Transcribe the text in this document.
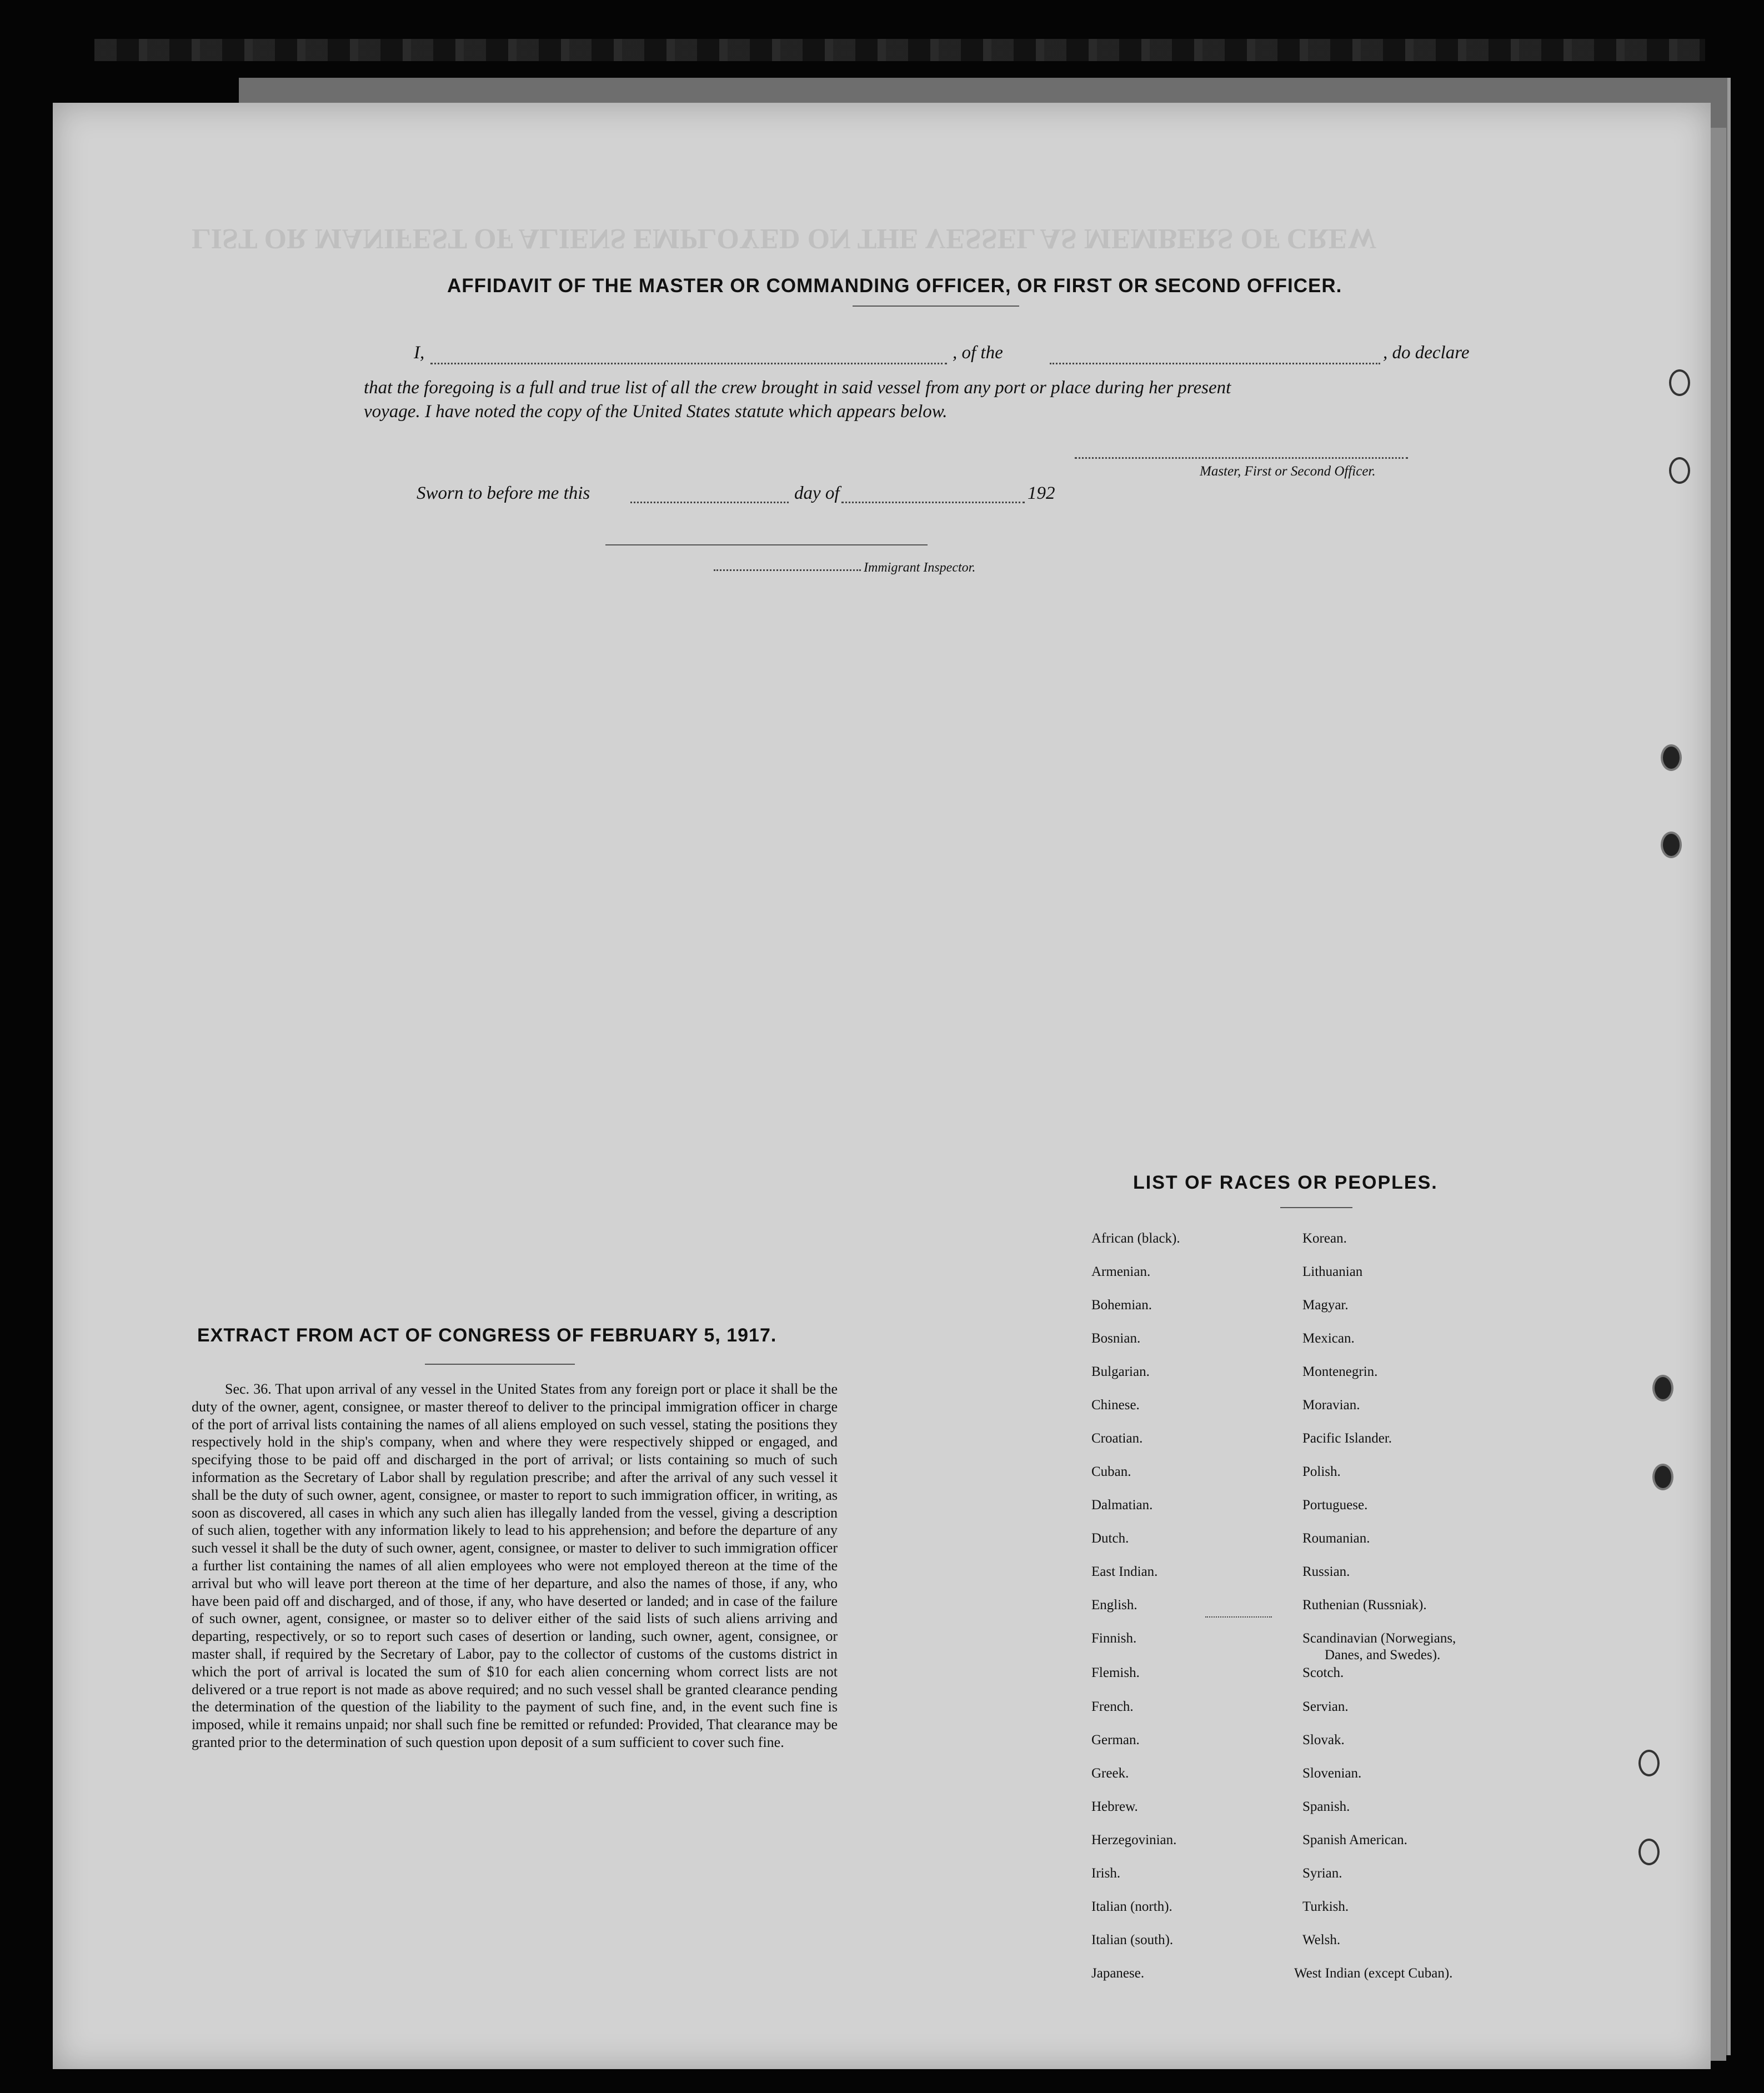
LIST OR MANIFEST OF ALIENS EMPLOYED ON THE VESSEL AS MEMBERS OF CREW
AFFIDAVIT OF THE MASTER OR COMMANDING OFFICER, OR FIRST OR SECOND OFFICER.
I,	, of the	, do declare
that the foregoing is a full and true list of all the crew brought in said vessel from any port or place during her present
voyage. I have noted the copy of the United States statute which appears below.
Master, First or Second Officer.
Sworn to before me this	day of	192
Immigrant Inspector.
EXTRACT FROM ACT OF CONGRESS OF FEBRUARY 5, 1917.
Sec. 36. That upon arrival of any vessel in the United States from any foreign port or place it shall be the duty of the owner, agent, consignee, or master thereof to deliver to the principal immigration officer in charge of the port of arrival lists containing the names of all aliens employed on such vessel, stating the positions they respectively hold in the ship's company, when and where they were respectively shipped or engaged, and specifying those to be paid off and discharged in the port of arrival; or lists containing so much of such information as the Secretary of Labor shall by regulation prescribe; and after the arrival of any such vessel it shall be the duty of such owner, agent, consignee, or master to report to such immigration officer, in writing, as soon as discovered, all cases in which any such alien has illegally landed from the vessel, giving a description of such alien, together with any information likely to lead to his apprehension; and before the departure of any such vessel it shall be the duty of such owner, agent, consignee, or master to deliver to such immigration officer a further list containing the names of all alien employees who were not employed thereon at the time of the arrival but who will leave port thereon at the time of her departure, and also the names of those, if any, who have been paid off and discharged, and of those, if any, who have deserted or landed; and in case of the failure of such owner, agent, consignee, or master so to deliver either of the said lists of such aliens arriving and departing, respectively, or so to report such cases of desertion or landing, such owner, agent, consignee, or master shall, if required by the Secretary of Labor, pay to the collector of customs of the customs district in which the port of arrival is located the sum of $10 for each alien concerning whom correct lists are not delivered or a true report is not made as above required; and no such vessel shall be granted clearance pending the determination of the question of the liability to the payment of such fine, and, in the event such fine is imposed, while it remains unpaid; nor shall such fine be remitted or refunded: Provided, That clearance may be granted prior to the determination of such question upon deposit of a sum sufficient to cover such fine.
LIST OF RACES OR PEOPLES.
African (black).
Armenian.
Bohemian.
Bosnian.
Bulgarian.
Chinese.
Croatian.
Cuban.
Dalmatian.
Dutch.
East Indian.
English.
Finnish.
Flemish.
French.
German.
Greek.
Hebrew.
Herzegovinian.
Irish.
Italian (north).
Italian (south).
Japanese.
Korean.
Lithuanian
Magyar.
Mexican.
Montenegrin.
Moravian.
Pacific Islander.
Polish.
Portuguese.
Roumanian.
Russian.
Ruthenian (Russniak).
Scandinavian (Norwegians,
Danes, and Swedes).
Scotch.
Servian.
Slovak.
Slovenian.
Spanish.
Spanish American.
Syrian.
Turkish.
Welsh.
West Indian (except Cuban).
